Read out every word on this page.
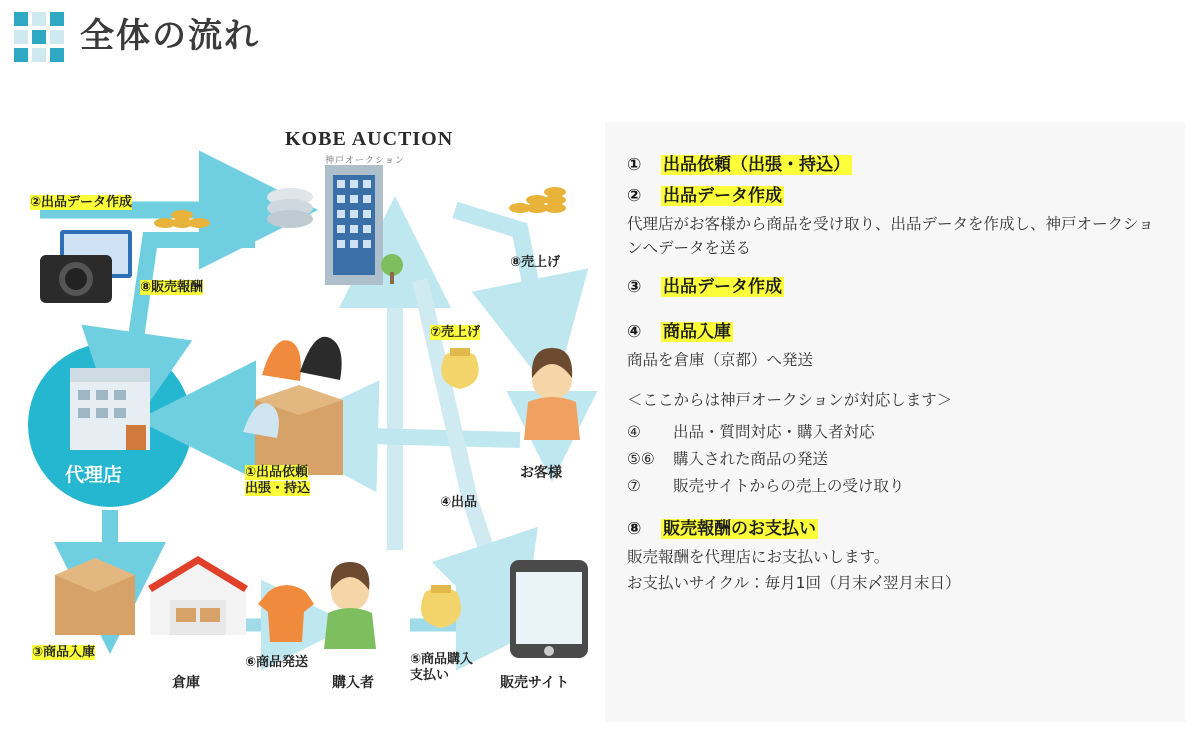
全体の流れ
KOBE AUCTION
神戸オークション
②出品データ作成
⑧販売報酬
①出品依頼
出張・持込
③商品入庫
⑥商品発送	⑤商品購入
支払い
④出品
⑦売上げ
⑧売上げ
代理店	お客様
倉庫	購入者	販売サイト
① 出品依頼（出張・持込）
② 出品データ作成

代理店がお客様から商品を受け取り、出品データを作成し、神戸オークションへデータを送る

③ 出品データ作成
④ 商品入庫

商品を倉庫（京都）へ発送

＜ここからは神戸オークションが対応します＞
④ 出品・質問対応・購入者対応
⑤⑥ 購入された商品の発送
⑦ 販売サイトからの売上の受け取り
⑧ 販売報酬のお支払い

販売報酬を代理店にお支払いします。

お支払いサイクル：毎月1回（月末〆翌月末日）
